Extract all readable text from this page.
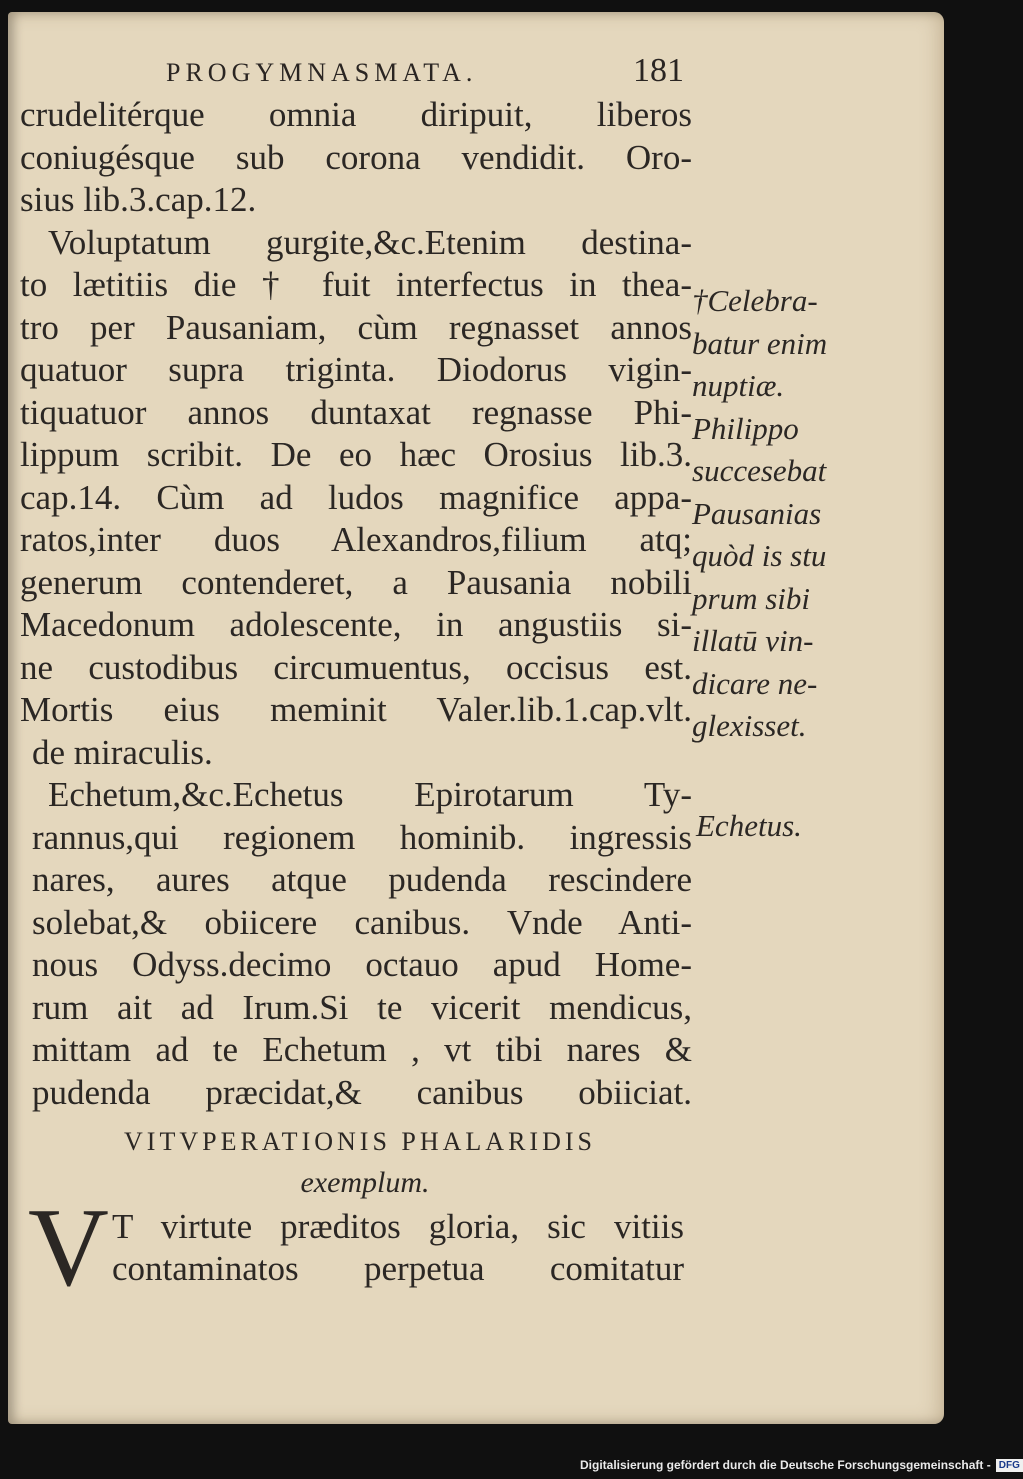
PROGYMNASMATA.	181
crudelitérque omnia diripuit, liberos
coniugésque sub corona vendidit. Oro-
sius lib.3.cap.12.
Voluptatum gurgite,&c.Etenim destina-
to lætitiis die † fuit interfectus in thea-
tro per Pausaniam, cùm regnasset annos
quatuor supra triginta. Diodorus vigin-
tiquatuor annos duntaxat regnasse Phi-
lippum scribit. De eo hæc Orosius lib.3.
cap.14. Cùm ad ludos magnifice appa-
ratos,inter duos Alexandros,filium atq;
generum contenderet, a Pausania nobili
Macedonum adolescente, in angustiis si-
ne custodibus circumuentus, occisus est.
Mortis eius meminit Valer.lib.1.cap.vlt.
de miraculis.
Echetum,&c.Echetus Epirotarum Ty-
rannus,qui regionem hominib. ingressis
nares, aures atque pudenda rescindere
solebat,& obiicere canibus. Vnde Anti-
nous Odyss.decimo octauo apud Home-
rum ait ad Irum.Si te vicerit mendicus,
mittam ad te Echetum , vt tibi nares &
pudenda præcidat,& canibus obiiciat.
VITVPERATIONIS PHALARIDIS
exemplum.
V T virtute præditos gloria, sic vitiis
contaminatos perpetua comitatur
†Celebra-
batur enim
nuptiæ.
Philippo
succesebat
Pausanias
quòd is stu
prum sibi
illatū vin-
dicare ne-
glexisset.
Echetus.
Digitalisierung gefördert durch die Deutsche Forschungsgemeinschaft - DFG
